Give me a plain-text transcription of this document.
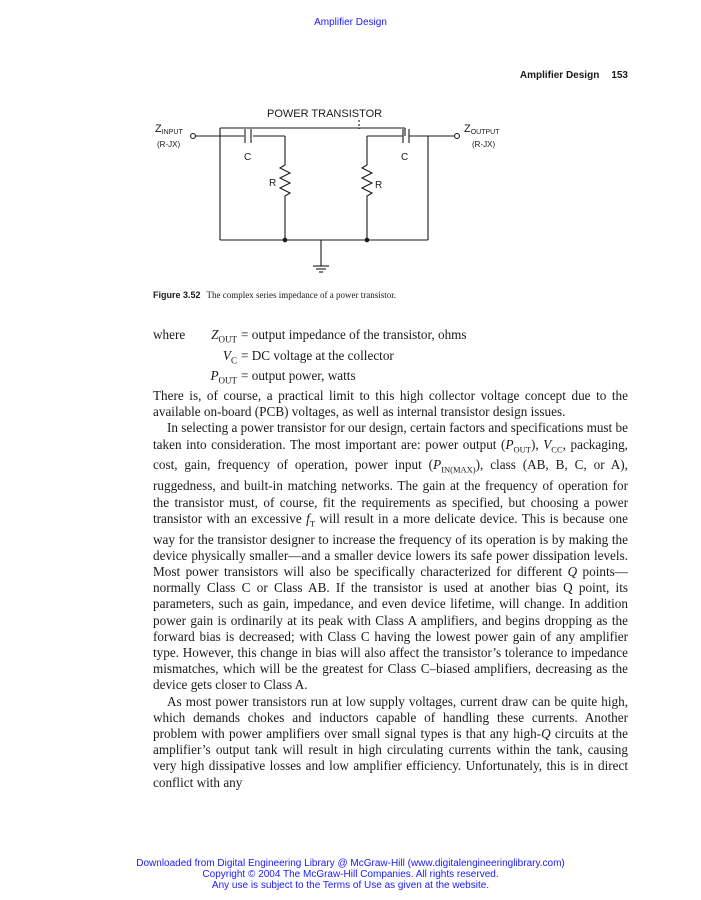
Amplifier Design
Amplifier Design 153
POWER TRANSISTOR
ZINPUT
(R-JX)
ZOUTPUT
(R-JX)
C
R
C
R
Figure 3.52 The complex series impedance of a power transistor.
where	$Z_{OUT}$ = output impedance of the transistor, ohms
$V_C$ = DC voltage at the collector
$P_{OUT}$ = output power, watts

There is, of course, a practical limit to this high collector voltage concept due to the available on-board (PCB) voltages, as well as internal transistor design issues.

In selecting a power transistor for our design, certain factors and specifications must be taken into consideration. The most important are: power output $(P_{OUT})$, $V_{CC}$, packaging, cost, gain, frequency of operation, power input $(P_{IN(MAX)})$, class (AB, B, C, or A), ruggedness, and built-in matching networks. The gain at the frequency of operation for the transistor must, of course, fit the requirements as specified, but choosing a power transistor with an excessive $f_T$ will result in a more delicate device. This is because one way for the transistor designer to increase the frequency of its operation is by making the device physically smaller—and a smaller device lowers its safe power dissipation levels. Most power transistors will also be specifically characterized for different Q points—normally Class C or Class AB. If the transistor is used at another bias Q point, its parameters, such as gain, impedance, and even device lifetime, will change. In addition power gain is ordinarily at its peak with Class A amplifiers, and begins dropping as the forward bias is decreased; with Class C having the lowest power gain of any amplifier type. However, this change in bias will also affect the transistor’s tolerance to impedance mismatches, which will be the greatest for Class C–biased amplifiers, decreasing as the device gets closer to Class A.

As most power transistors run at low supply voltages, current draw can be quite high, which demands chokes and inductors capable of handling these currents. Another problem with power amplifiers over small signal types is that any high-Q circuits at the amplifier’s output tank will result in high circulating currents within the tank, causing very high dissipative losses and low amplifier efficiency. Unfortunately, this is in direct conflict with any

Downloaded from Digital Engineering Library @ McGraw-Hill (www.digitalengineeringlibrary.com)
Copyright © 2004 The McGraw-Hill Companies. All rights reserved.
Any use is subject to the Terms of Use as given at the website.
